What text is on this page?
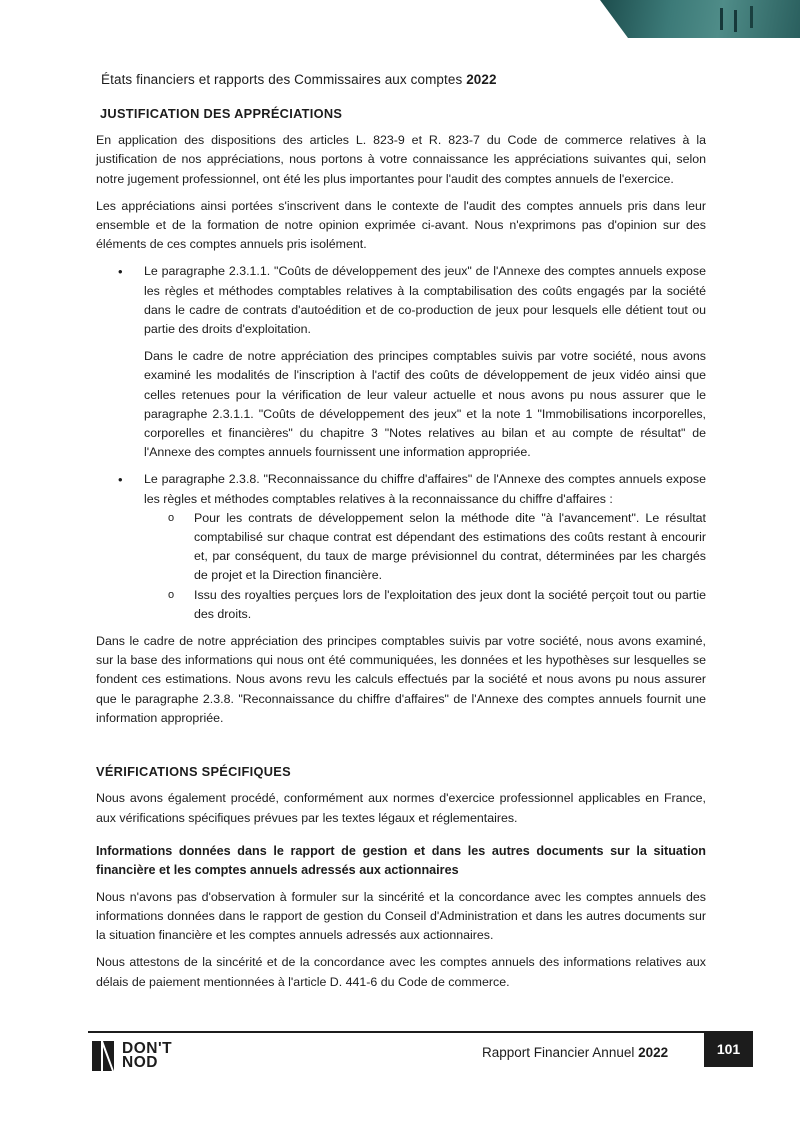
États financiers et rapports des Commissaires aux comptes 2022
JUSTIFICATION DES APPRÉCIATIONS

En application des dispositions des articles L. 823-9 et R. 823-7 du Code de commerce relatives à la justification de nos appréciations, nous portons à votre connaissance les appréciations suivantes qui, selon notre jugement professionnel, ont été les plus importantes pour l'audit des comptes annuels de l'exercice.

Les appréciations ainsi portées s'inscrivent dans le contexte de l'audit des comptes annuels pris dans leur ensemble et de la formation de notre opinion exprimée ci-avant. Nous n'exprimons pas d'opinion sur des éléments de ces comptes annuels pris isolément.

• Le paragraphe 2.3.1.1. "Coûts de développement des jeux" de l'Annexe des comptes annuels expose les règles et méthodes comptables relatives à la comptabilisation des coûts engagés par la société dans le cadre de contrats d'autoédition et de co-production de jeux pour lesquels elle détient tout ou partie des droits d'exploitation.

Dans le cadre de notre appréciation des principes comptables suivis par votre société, nous avons examiné les modalités de l'inscription à l'actif des coûts de développement de jeux vidéo ainsi que celles retenues pour la vérification de leur valeur actuelle et nous avons pu nous assurer que le paragraphe 2.3.1.1. "Coûts de développement des jeux" et la note 1 "Immobilisations incorporelles, corporelles et financières" du chapitre 3 "Notes relatives au bilan et au compte de résultat" de l'Annexe des comptes annuels fournissent une information appropriée.

• Le paragraphe 2.3.8. "Reconnaissance du chiffre d'affaires" de l'Annexe des comptes annuels expose les règles et méthodes comptables relatives à la reconnaissance du chiffre d'affaires :
o Pour les contrats de développement selon la méthode dite "à l'avancement". Le résultat comptabilisé sur chaque contrat est dépendant des estimations des coûts restant à encourir et, par conséquent, du taux de marge prévisionnel du contrat, déterminées par les chargés de projet et la Direction financière.
o Issu des royalties perçues lors de l'exploitation des jeux dont la société perçoit tout ou partie des droits.

Dans le cadre de notre appréciation des principes comptables suivis par votre société, nous avons examiné, sur la base des informations qui nous ont été communiquées, les données et les hypothèses sur lesquelles se fondent ces estimations. Nous avons revu les calculs effectués par la société et nous avons pu nous assurer que le paragraphe 2.3.8. "Reconnaissance du chiffre d'affaires" de l'Annexe des comptes annuels fournit une information appropriée.

VÉRIFICATIONS SPÉCIFIQUES

Nous avons également procédé, conformément aux normes d'exercice professionnel applicables en France, aux vérifications spécifiques prévues par les textes légaux et réglementaires.

Informations données dans le rapport de gestion et dans les autres documents sur la situation financière et les comptes annuels adressés aux actionnaires

Nous n'avons pas d'observation à formuler sur la sincérité et la concordance avec les comptes annuels des informations données dans le rapport de gestion du Conseil d'Administration et dans les autres documents sur la situation financière et les comptes annuels adressés aux actionnaires.

Nous attestons de la sincérité et de la concordance avec les comptes annuels des informations relatives aux délais de paiement mentionnées à l'article D. 441-6 du Code de commerce.

DON'T
NOD
Rapport Financier Annuel 2022	101
